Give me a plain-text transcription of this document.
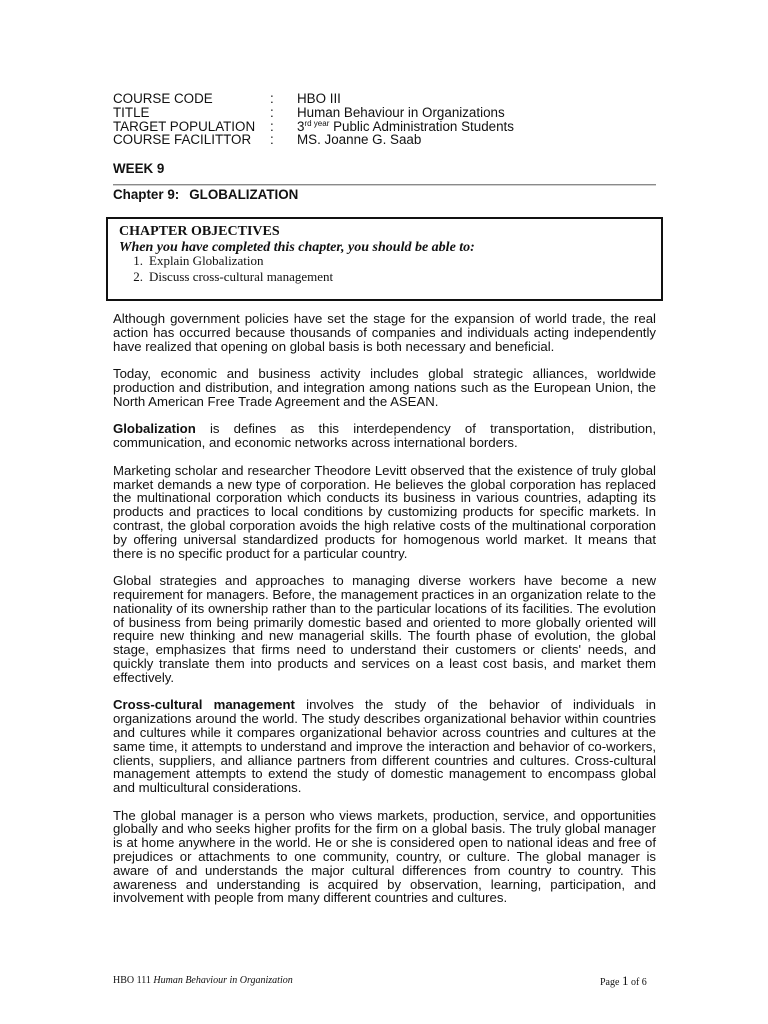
COURSE CODE	:	HBO III
TITLE	:	Human Behaviour in Organizations
TARGET POPULATION	:	$3^{rd year}$ Public Administration Students
COURSE FACILITTOR	:	MS. Joanne G. Saab
WEEK 9
Chapter 9: GLOBALIZATION
CHAPTER OBJECTIVES
When you have completed this chapter, you should be able to:
1. Explain Globalization
2. Discuss cross-cultural management

Although government policies have set the stage for the expansion of world trade, the real action has occurred because thousands of companies and individuals acting independently have realized that opening on global basis is both necessary and beneficial.

Today, economic and business activity includes global strategic alliances, worldwide production and distribution, and integration among nations such as the European Union, the North American Free Trade Agreement and the ASEAN.

Globalization is defines as this interdependency of transportation, distribution, communication, and economic networks across international borders.

Marketing scholar and researcher Theodore Levitt observed that the existence of truly global market demands a new type of corporation. He believes the global corporation has replaced the multinational corporation which conducts its business in various countries, adapting its products and practices to local conditions by customizing products for specific markets. In contrast, the global corporation avoids the high relative costs of the multinational corporation by offering universal standardized products for homogenous world market. It means that there is no specific product for a particular country.

Global strategies and approaches to managing diverse workers have become a new requirement for managers. Before, the management practices in an organization relate to the nationality of its ownership rather than to the particular locations of its facilities. The evolution of business from being primarily domestic based and oriented to more globally oriented will require new thinking and new managerial skills. The fourth phase of evolution, the global stage, emphasizes that firms need to understand their customers or clients' needs, and quickly translate them into products and services on a least cost basis, and market them effectively.

Cross-cultural management involves the study of the behavior of individuals in organizations around the world. The study describes organizational behavior within countries and cultures while it compares organizational behavior across countries and cultures at the same time, it attempts to understand and improve the interaction and behavior of co-workers, clients, suppliers, and alliance partners from different countries and cultures. Cross-cultural management attempts to extend the study of domestic management to encompass global and multicultural considerations.

The global manager is a person who views markets, production, service, and opportunities globally and who seeks higher profits for the firm on a global basis. The truly global manager is at home anywhere in the world. He or she is considered open to national ideas and free of prejudices or attachments to one community, country, or culture. The global manager is aware of and understands the major cultural differences from country to country. This awareness and understanding is acquired by observation, learning, participation, and involvement with people from many different countries and cultures.

HBO 111 Human Behaviour in Organization	Page 1 of 6
